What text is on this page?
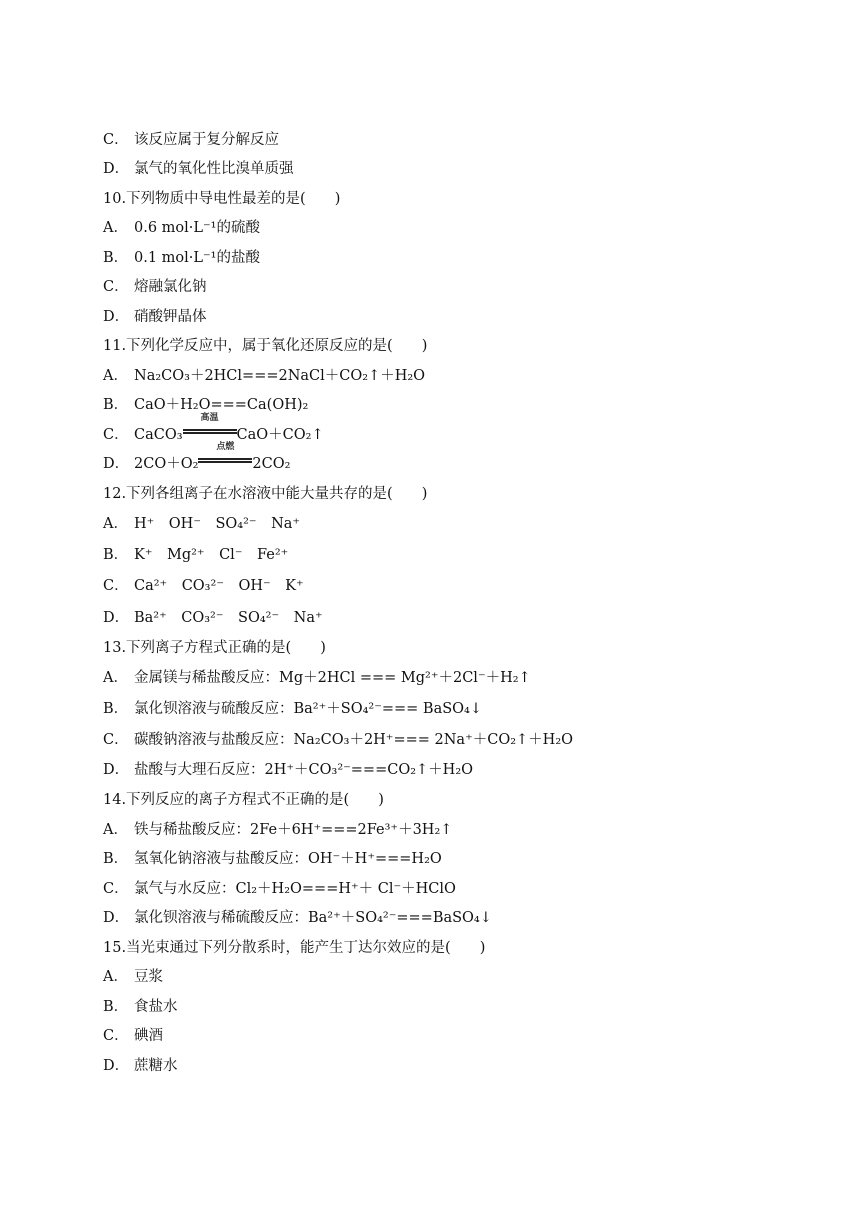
C． 该反应属于复分解反应
D． 氯气的氧化性比溴单质强
10.下列物质中导电性最差的是(　　)
A． 0.6 mol·L⁻¹的硫酸
B． 0.1 mol·L⁻¹的盐酸
C． 熔融氯化钠
D． 硝酸钾晶体
11.下列化学反应中，属于氧化还原反应的是(　　)
A． Na₂CO₃＋2HCl===2NaCl＋CO₂↑＋H₂O
B． CaO＋H₂O===Ca(OH)₂
C． CaCO₃
高温
CaO＋CO₂↑
D． 2CO＋O₂
点燃
2CO₂
12.下列各组离子在水溶液中能大量共存的是(　　)
A． H⁺　OH⁻　SO₄²⁻　Na⁺
B． K⁺　Mg²⁺　Cl⁻　Fe²⁺
C． Ca²⁺　CO₃²⁻　OH⁻　K⁺
D． Ba²⁺　CO₃²⁻　SO₄²⁻　Na⁺
13.下列离子方程式正确的是(　　)
A． 金属镁与稀盐酸反应：Mg＋2HCl === Mg²⁺＋2Cl⁻＋H₂↑
B． 氯化钡溶液与硫酸反应：Ba²⁺＋SO₄²⁻=== BaSO₄↓
C． 碳酸钠溶液与盐酸反应：Na₂CO₃＋2H⁺=== 2Na⁺＋CO₂↑＋H₂O
D． 盐酸与大理石反应：2H⁺＋CO₃²⁻===CO₂↑＋H₂O
14.下列反应的离子方程式不正确的是(　　)
A． 铁与稀盐酸反应：2Fe＋6H⁺===2Fe³⁺＋3H₂↑
B． 氢氧化钠溶液与盐酸反应：OH⁻＋H⁺===H₂O
C． 氯气与水反应：Cl₂＋H₂O===H⁺＋ Cl⁻＋HClO
D． 氯化钡溶液与稀硫酸反应：Ba²⁺＋SO₄²⁻===BaSO₄↓
15.当光束通过下列分散系时，能产生丁达尔效应的是(　　)
A． 豆浆
B． 食盐水
C． 碘酒
D． 蔗糖水
